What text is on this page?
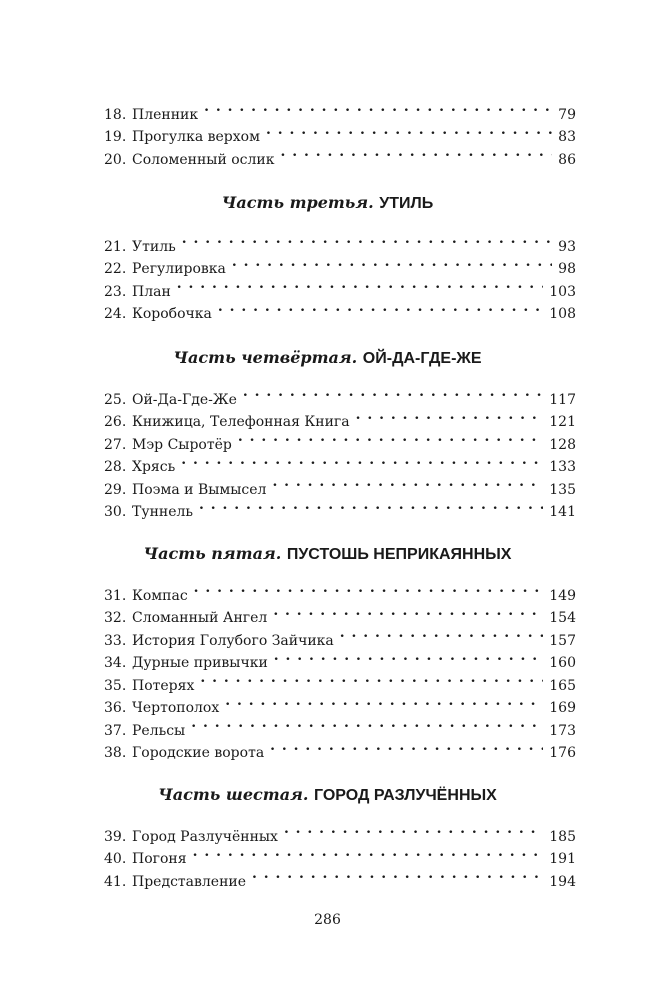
18. Пленник . . .	79
19. Прогулка верхом . . .	83
20. Соломенный ослик . . .	86
Часть третья. УТИЛЬ
21. Утиль . . .	93
22. Регулировка . . .	98
23. План . . .	103
24. Коробочка . . .	108
Часть четвёртая. ОЙ-ДА-ГДЕ-ЖЕ
25. Ой-Да-Где-Же . . .	117
26. Книжица, Телефонная Книга . . .	121
27. Мэр Сыротёр . . .	128
28. Хрясь . . .	133
29. Поэма и Вымысел . . .	135
30. Туннель . . .	141
Часть пятая. ПУСТОШЬ НЕПРИКАЯННЫХ
31. Компас . . .	149
32. Сломанный Ангел . . .	154
33. История Голубого Зайчика . . .	157
34. Дурные привычки . . .	160
35. Потерях . . .	165
36. Чертополох . . .	169
37. Рельсы . . .	173
38. Городские ворота . . .	176
Часть шестая. ГОРОД РАЗЛУЧЁННЫХ
39. Город Разлучённых . . .	185
40. Погоня . . .	191
41. Представление . . .	194
286
